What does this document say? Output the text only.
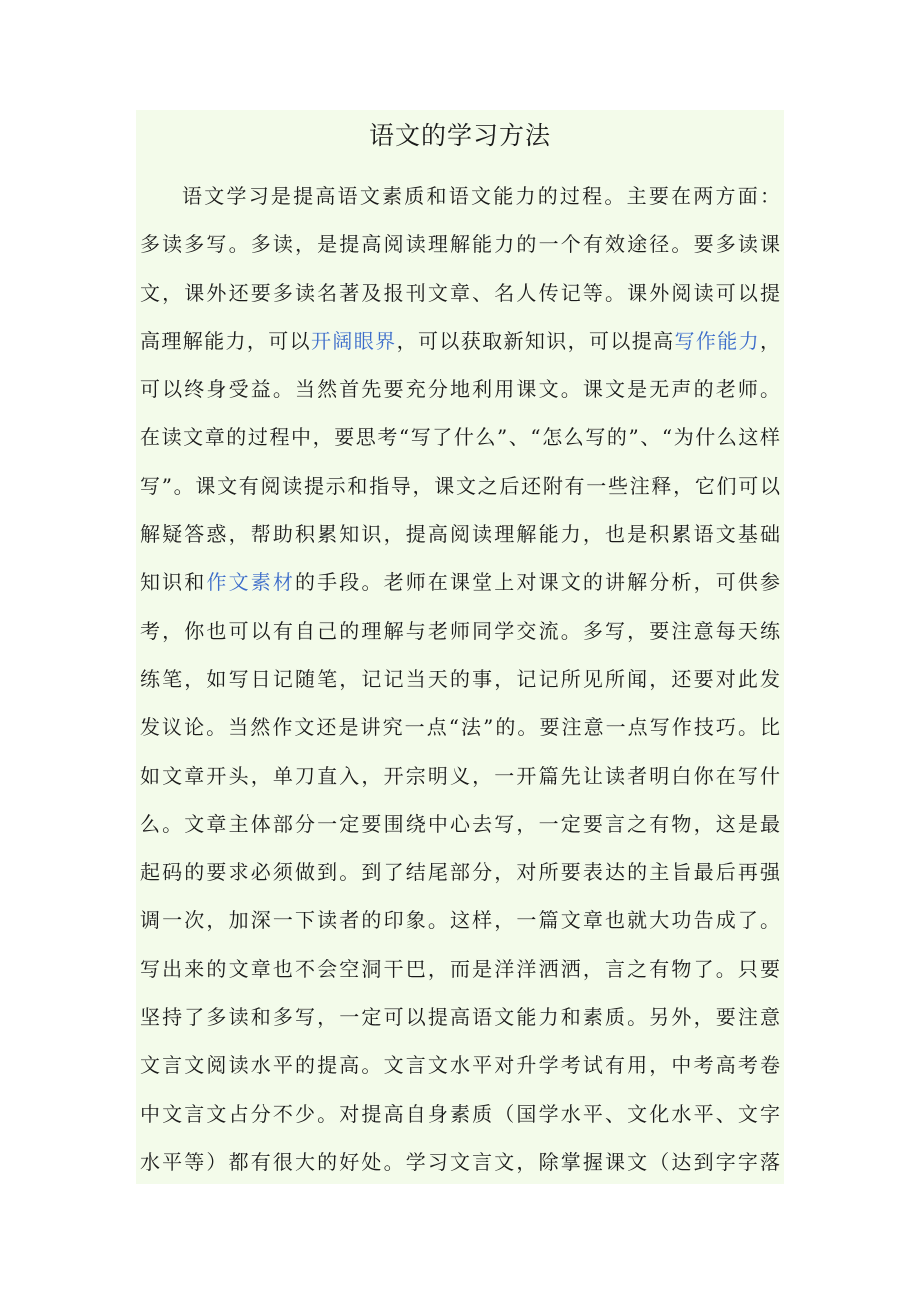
语文的学习方法
语文学习是提高语文素质和语文能力的过程。主要在两方面：
多读多写。多读，是提高阅读理解能力的一个有效途径。要多读课
文，课外还要多读名著及报刊文章、名人传记等。课外阅读可以提
高理解能力，可以开阔眼界，可以获取新知识，可以提高写作能力，
可以终身受益。当然首先要充分地利用课文。课文是无声的老师。
在读文章的过程中，要思考“写了什么”、“怎么写的”、“为什么这样
写”。课文有阅读提示和指导，课文之后还附有一些注释，它们可以
解疑答惑，帮助积累知识，提高阅读理解能力，也是积累语文基础
知识和作文素材的手段。老师在课堂上对课文的讲解分析，可供参
考，你也可以有自己的理解与老师同学交流。多写，要注意每天练
练笔，如写日记随笔，记记当天的事，记记所见所闻，还要对此发
发议论。当然作文还是讲究一点“法”的。要注意一点写作技巧。比
如文章开头，单刀直入，开宗明义，一开篇先让读者明白你在写什
么。文章主体部分一定要围绕中心去写，一定要言之有物，这是最
起码的要求必须做到。到了结尾部分，对所要表达的主旨最后再强
调一次，加深一下读者的印象。这样，一篇文章也就大功告成了。
写出来的文章也不会空洞干巴，而是洋洋洒洒，言之有物了。只要
坚持了多读和多写，一定可以提高语文能力和素质。另外，要注意
文言文阅读水平的提高。文言文水平对升学考试有用，中考高考卷
中文言文占分不少。对提高自身素质（国学水平、文化水平、文字
水平等）都有很大的好处。学习文言文，除掌握课文（达到字字落
